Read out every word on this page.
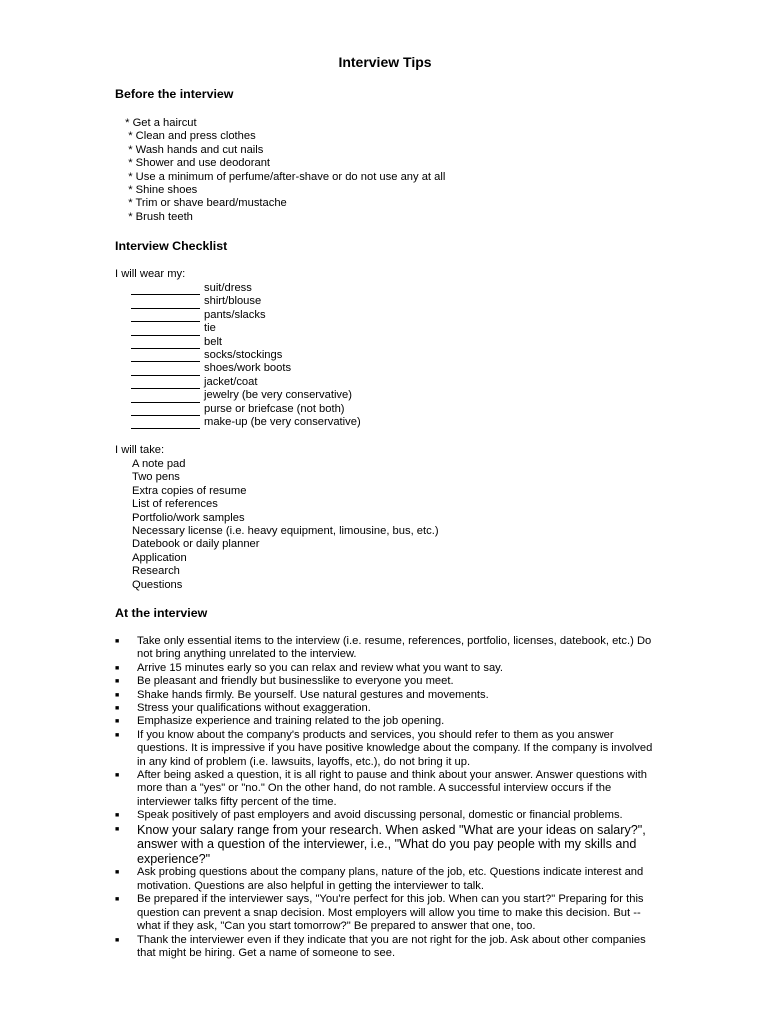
Interview Tips
Before the interview
* Get a haircut
* Clean and press clothes
* Wash hands and cut nails
* Shower and use deodorant
* Use a minimum of perfume/after-shave or do not use any at all
* Shine shoes
* Trim or shave beard/mustache
* Brush teeth
Interview Checklist
I will wear my:
suit/dress
shirt/blouse
pants/slacks
tie
belt
socks/stockings
shoes/work boots
jacket/coat
jewelry (be very conservative)
purse or briefcase (not both)
make-up (be very conservative)
I will take:
A note pad
Two pens
Extra copies of resume
List of references
Portfolio/work samples
Necessary license (i.e. heavy equipment, limousine, bus, etc.)
Datebook or daily planner
Application
Research
Questions
At the interview
■	Take only essential items to the interview (i.e. resume, references, portfolio, licenses, datebook, etc.) Do not bring anything unrelated to the interview.
■	Arrive 15 minutes early so you can relax and review what you want to say.
■	Be pleasant and friendly but businesslike to everyone you meet.
■	Shake hands firmly. Be yourself. Use natural gestures and movements.
■	Stress your qualifications without exaggeration.
■	Emphasize experience and training related to the job opening.
■	If you know about the company's products and services, you should refer to them as you answer questions. It is impressive if you have positive knowledge about the company. If the company is involved in any kind of problem (i.e. lawsuits, layoffs, etc.), do not bring it up.
■	After being asked a question, it is all right to pause and think about your answer. Answer questions with more than a "yes" or "no." On the other hand, do not ramble. A successful interview occurs if the interviewer talks fifty percent of the time.
■	Speak positively of past employers and avoid discussing personal, domestic or financial problems.
■	Know your salary range from your research. When asked "What are your ideas on salary?", answer with a question of the interviewer, i.e., "What do you pay people with my skills and experience?"
■	Ask probing questions about the company plans, nature of the job, etc. Questions indicate interest and motivation. Questions are also helpful in getting the interviewer to talk.
■	Be prepared if the interviewer says, "You're perfect for this job. When can you start?" Preparing for this question can prevent a snap decision. Most employers will allow you time to make this decision. But -- what if they ask, "Can you start tomorrow?" Be prepared to answer that one, too.
■	Thank the interviewer even if they indicate that you are not right for the job. Ask about other companies that might be hiring. Get a name of someone to see.
